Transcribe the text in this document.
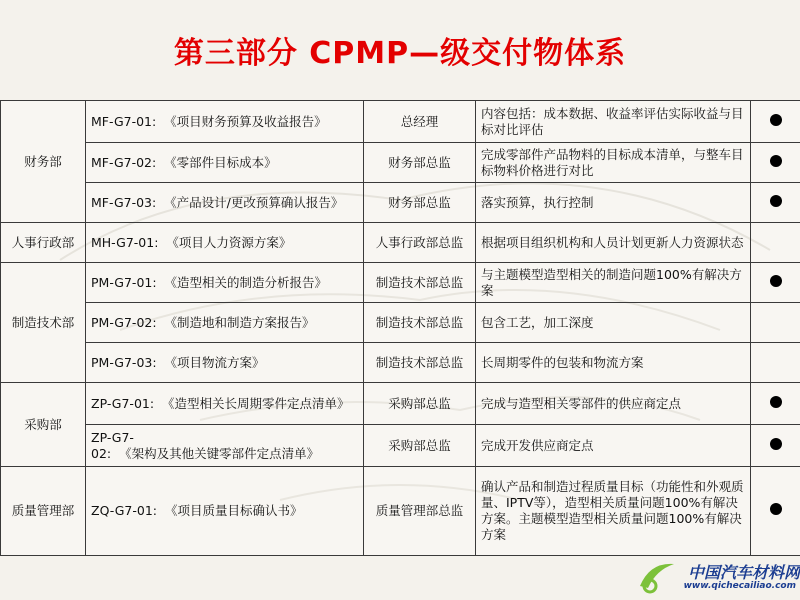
第三部分 CPMP—级交付物体系
财务部	MF-G7-01:  《项目财务预算及收益报告》	总经理	内容包括：成本数据、收益率评估实际收益与目标对比评估	
	MF-G7-02:  《零部件目标成本》	财务部总监	完成零部件产品物料的目标成本清单，与整车目标物料价格进行对比	
	MF-G7-03:  《产品设计/更改预算确认报告》	财务部总监	落实预算，执行控制	
人事行政部	MH-G7-01:  《项目人力资源方案》	人事行政部总监	根据项目组织机构和人员计划更新人力资源状态	
制造技术部	PM-G7-01:  《造型相关的制造分析报告》	制造技术部总监	与主题模型造型相关的制造问题100%有解决方案	
	PM-G7-02:  《制造地和制造方案报告》	制造技术部总监	包含工艺，加工深度	
	PM-G7-03:  《项目物流方案》	制造技术部总监	长周期零件的包装和物流方案	
采购部	ZP-G7-01:  《造型相关长周期零件定点清单》	采购部总监	完成与造型相关零部件的供应商定点	
	ZP-G7-02:  《架构及其他关键零部件定点清单》	采购部总监	完成开发供应商定点	
质量管理部	ZQ-G7-01:  《项目质量目标确认书》	质量管理部总监	确认产品和制造过程质量目标（功能性和外观质量、IPTV等），造型相关质量问题100%有解决方案。主题模型造型相关质量问题100%有解决方案	
中国汽车材料网
www.qichecailiao.com
